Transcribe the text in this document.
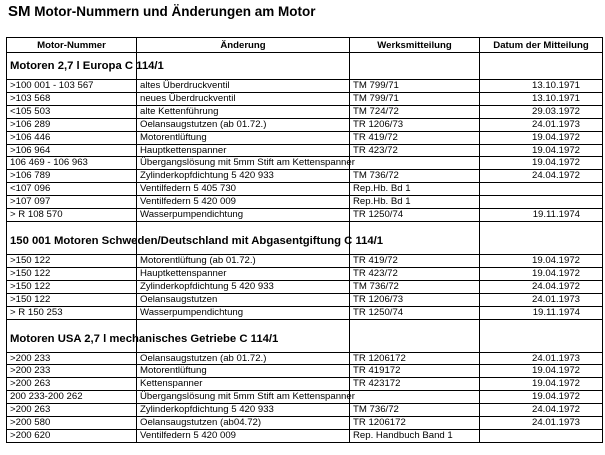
SM Motor-Nummern und Änderungen am Motor
Motor-Nummer	Änderung	Werksmitteilung	Datum der Mitteilung
Motoren 2,7 l Europa C 114/1			

>100 001 - 103 567	altes Überdruckventil	TM 799/71	13.10.1971
>103 568	neues Überdruckventil	TM 799/71	13.10.1971
<105 503	alte Kettenführung	TM 724/72	29.03.1972
>106 289	Oelansaugstutzen (ab 01.72.)	TR 1206/73	24.01.1973
>106 446	Motorentlüftung	TR 419/72	19.04.1972
>106 964	Hauptkettenspanner	TR 423/72	19.04.1972
106 469 - 106 963	Übergangslösung mit 5mm Stift am Kettenspanner		19.04.1972
>106 789	Zylinderkopfdichtung 5 420 933	TM 736/72	24.04.1972
<107 096	Ventilfedern 5 405 730	Rep.Hb. Bd 1	
>107 097	Ventilfedern 5 420 009	Rep.Hb. Bd 1	
> R 108 570	Wasserpumpendichtung	TR 1250/74	19.11.1974

150 001 Motoren Schweden/Deutschland mit Abgasentgiftung C 114/1			

>150 122	Motorentlüftung (ab 01.72.)	TR 419/72	19.04.1972
>150 122	Hauptkettenspanner	TR 423/72	19.04.1972
>150 122	Zylinderkopfdichtung 5 420 933	TM 736/72	24.04.1972
>150 122	Oelansaugstutzen	TR 1206/73	24.01.1973
> R 150 253	Wasserpumpendichtung	TR 1250/74	19.11.1974

Motoren USA 2,7 l mechanisches Getriebe C 114/1			

>200 233	Oelansaugstutzen (ab 01.72.)	TR 1206172	24.01.1973
>200 233	Motorentlüftung	TR 419172	19.04.1972
>200 263	Kettenspanner	TR 423172	19.04.1972
200 233-200 262	Übergangslösung mit 5mm Stift am Kettenspanner		19.04.1972
>200 263	Zylinderkopfdichtung 5 420 933	TM 736/72	24.04.1972
>200 580	Oelansaugstutzen (ab04.72)	TR 1206172	24.01.1973
>200 620	Ventilfedern 5 420 009	Rep. Handbuch Band 1	
